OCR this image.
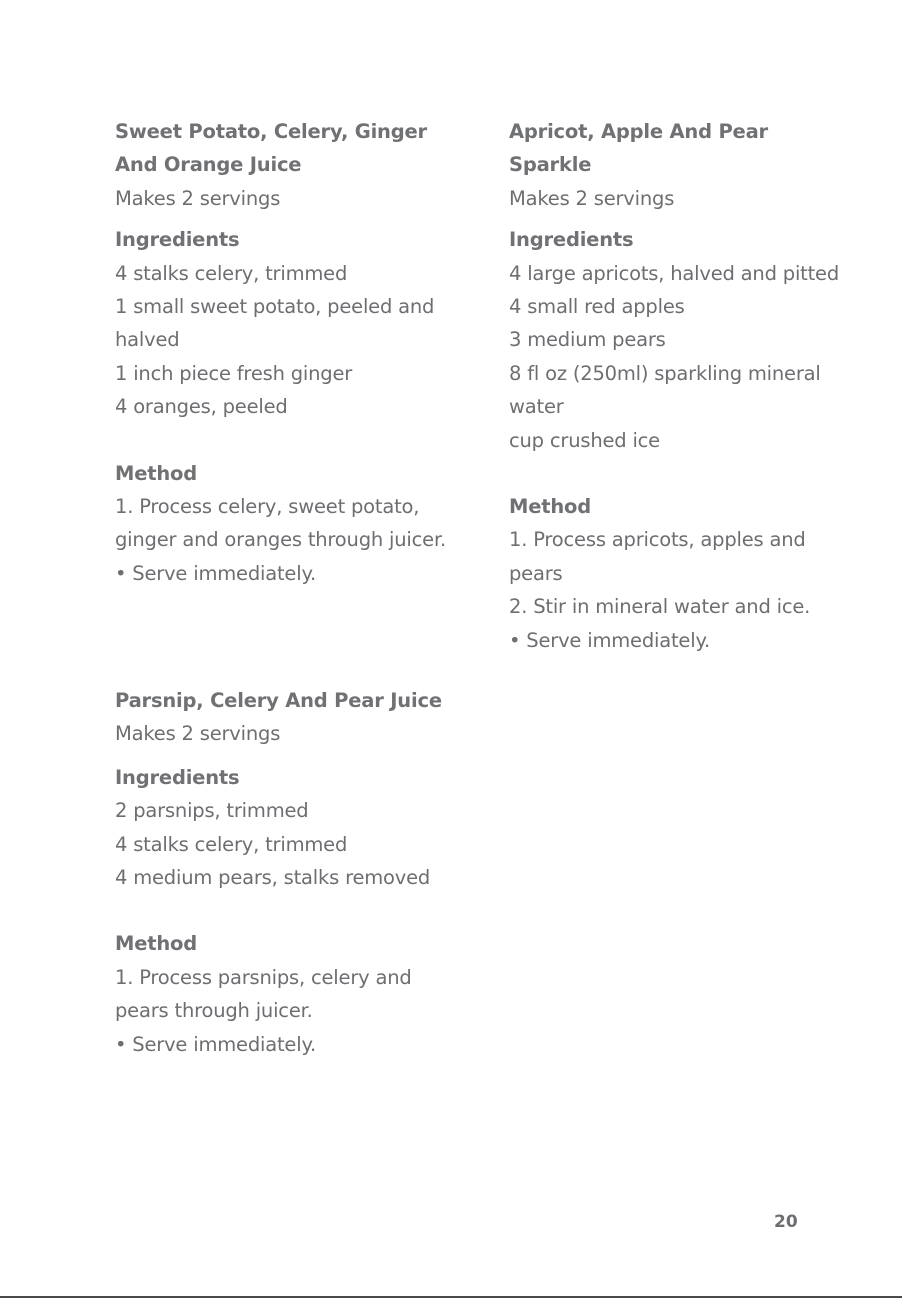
Sweet Potato, Celery, Ginger
And Orange Juice
Makes 2 servings
Ingredients
4 stalks celery, trimmed
1 small sweet potato, peeled and
halved
1 inch piece fresh ginger
4 oranges, peeled
Method
1. Process celery, sweet potato,
ginger and oranges through juicer.
• Serve immediately.
Apricot, Apple And Pear
Sparkle
Makes 2 servings
Ingredients
4 large apricots, halved and pitted
4 small red apples
3 medium pears
8 fl oz (250ml) sparkling mineral
water
cup crushed ice
Method
1. Process apricots, apples and
pears
2. Stir in mineral water and ice.
• Serve immediately.
Parsnip, Celery And Pear Juice
Makes 2 servings
Ingredients
2 parsnips, trimmed
4 stalks celery, trimmed
4 medium pears, stalks removed
Method
1. Process parsnips, celery and
pears through juicer.
• Serve immediately.
20
